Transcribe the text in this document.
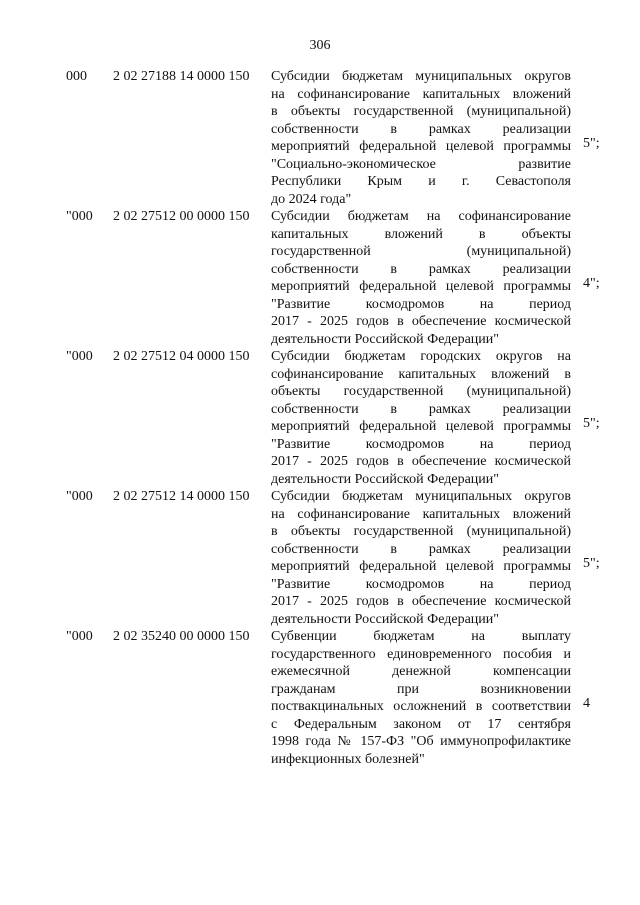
306
000 2 02 27188 14 0000 150 Субсидии бюджетам муниципальных округов
на софинансирование капитальных вложений
в объекты государственной (муниципальной)
собственности в рамках реализации
мероприятий федеральной целевой программы
"Социально-экономическое развитие
Республики Крым и г. Севастополя
до 2024 года"
5";
"000 2 02 27512 00 0000 150 Субсидии бюджетам на софинансирование
капитальных вложений в объекты
государственной (муниципальной)
собственности в рамках реализации
мероприятий федеральной целевой программы
"Развитие космодромов на период
2017 - 2025 годов в обеспечение космической
деятельности Российской Федерации"
4";
"000 2 02 27512 04 0000 150 Субсидии бюджетам городских округов на
софинансирование капитальных вложений в
объекты государственной (муниципальной)
собственности в рамках реализации
мероприятий федеральной целевой программы
"Развитие космодромов на период
2017 - 2025 годов в обеспечение космической
деятельности Российской Федерации"
5";
"000 2 02 27512 14 0000 150 Субсидии бюджетам муниципальных округов
на софинансирование капитальных вложений
в объекты государственной (муниципальной)
собственности в рамках реализации
мероприятий федеральной целевой программы
"Развитие космодромов на период
2017 - 2025 годов в обеспечение космической
деятельности Российской Федерации"
5";
"000 2 02 35240 00 0000 150 Субвенции бюджетам на выплату
государственного единовременного пособия и
ежемесячной денежной компенсации
гражданам при возникновении
поствакцинальных осложнений в соответствии
с Федеральным законом от 17 сентября
1998 года № 157-ФЗ "Об иммунопрофилактике
инфекционных болезней"
4
